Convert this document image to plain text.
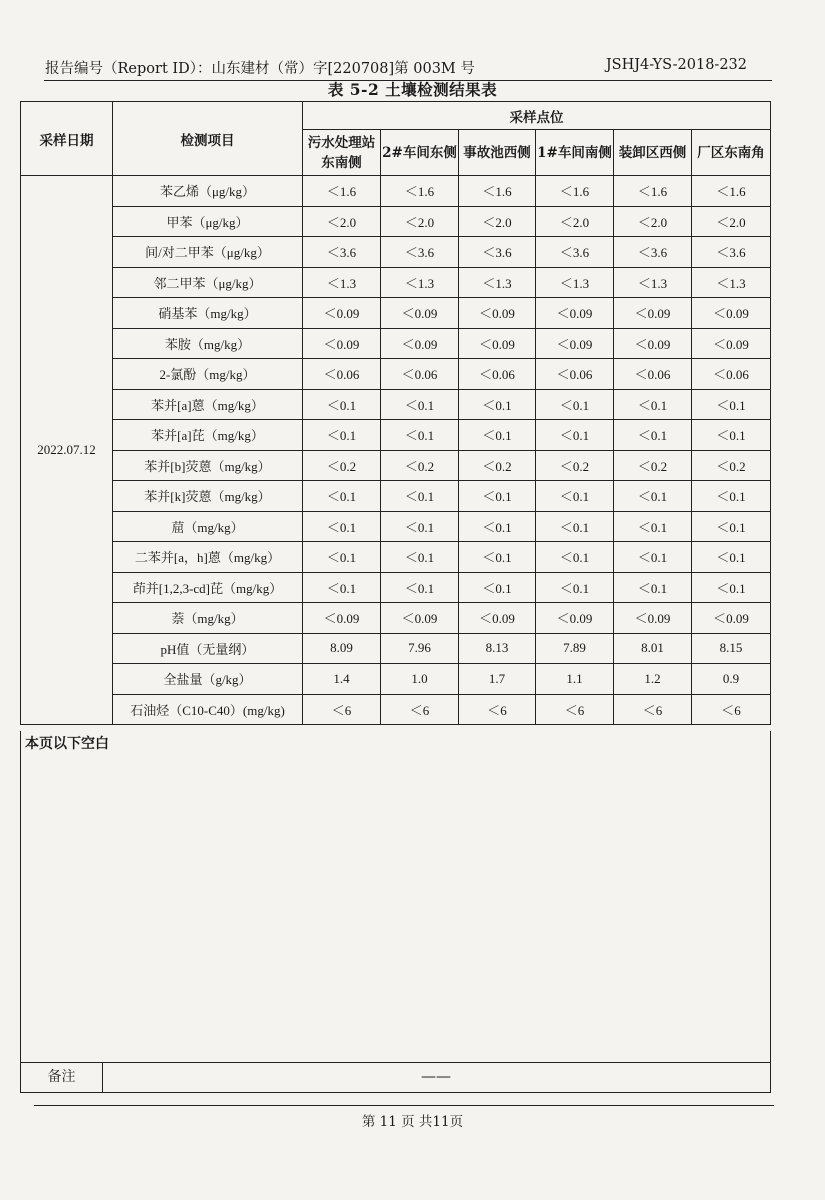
报告编号（Report ID）：山东建材（常）字[220708]第 003M 号	JSHJ4-YS-2018-232
表 5-2 土壤检测结果表
采样日期	检测项目	采样点位					
		污水处理站东南侧	2#车间东侧	事故池西侧	1#车间南侧	装卸区西侧	厂区东南角
2022.07.12	苯乙烯（μg/kg）	＜1.6	＜1.6	＜1.6	＜1.6	＜1.6	＜1.6
	甲苯（μg/kg）	＜2.0	＜2.0	＜2.0	＜2.0	＜2.0	＜2.0
	间/对二甲苯（μg/kg）	＜3.6	＜3.6	＜3.6	＜3.6	＜3.6	＜3.6
	邻二甲苯（μg/kg）	＜1.3	＜1.3	＜1.3	＜1.3	＜1.3	＜1.3
	硝基苯（mg/kg）	＜0.09	＜0.09	＜0.09	＜0.09	＜0.09	＜0.09
	苯胺（mg/kg）	＜0.09	＜0.09	＜0.09	＜0.09	＜0.09	＜0.09
	2-氯酚（mg/kg）	＜0.06	＜0.06	＜0.06	＜0.06	＜0.06	＜0.06
	苯并[a]蒽（mg/kg）	＜0.1	＜0.1	＜0.1	＜0.1	＜0.1	＜0.1
	苯并[a]芘（mg/kg）	＜0.1	＜0.1	＜0.1	＜0.1	＜0.1	＜0.1
	苯并[b]荧蒽（mg/kg）	＜0.2	＜0.2	＜0.2	＜0.2	＜0.2	＜0.2
	苯并[k]荧蒽（mg/kg）	＜0.1	＜0.1	＜0.1	＜0.1	＜0.1	＜0.1
	䓛（mg/kg）	＜0.1	＜0.1	＜0.1	＜0.1	＜0.1	＜0.1
	二苯并[a，h]蒽（mg/kg）	＜0.1	＜0.1	＜0.1	＜0.1	＜0.1	＜0.1
	茚并[1,2,3-cd]芘（mg/kg）	＜0.1	＜0.1	＜0.1	＜0.1	＜0.1	＜0.1
	萘（mg/kg）	＜0.09	＜0.09	＜0.09	＜0.09	＜0.09	＜0.09
	pH值（无量纲）	8.09	7.96	8.13	7.89	8.01	8.15
	全盐量（g/kg）	1.4	1.0	1.7	1.1	1.2	0.9
	石油烃（C10-C40）(mg/kg)	＜6	＜6	＜6	＜6	＜6	＜6
本页以下空白
备注	——
第 11 页 共11页
